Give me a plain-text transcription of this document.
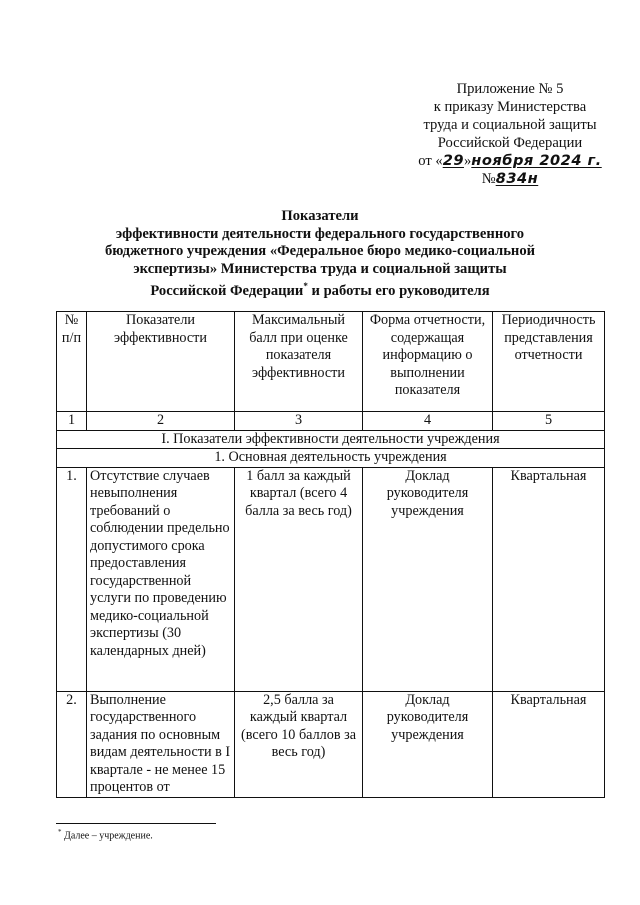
Приложение № 5
к приказу Министерства
труда и социальной защиты
Российской Федерации
от «29»ноября 2024 г.№834н
Показатели
эффективности деятельности федерального государственного
бюджетного учреждения «Федеральное бюро медико-социальной
экспертизы» Министерства труда и социальной защиты
Российской Федерации* и работы его руководителя
№ п/п	Показатели эффективности	Максимальный балл при оценке показателя эффективности	Форма отчетности, содержащая информацию о выполнении показателя	Периодичность представления отчетности
1	2	3	4	5
I. Показатели эффективности деятельности учреждения				
1. Основная деятельность учреждения				
1.	Отсутствие случаев невыполнения требований о соблюдении предельно допустимого срока предоставления государственной услуги по проведению медико-социальной экспертизы (30 календарных дней)	1 балл за каждый квартал (всего 4 балла за весь год)	Доклад руководителя учреждения	Квартальная
2.	Выполнение государственного задания по основным видам деятельности в I квартале - не менее 15 процентов от	2,5 балла за каждый квартал (всего 10 баллов за весь год)	Доклад руководителя учреждения	Квартальная
* Далее – учреждение.
